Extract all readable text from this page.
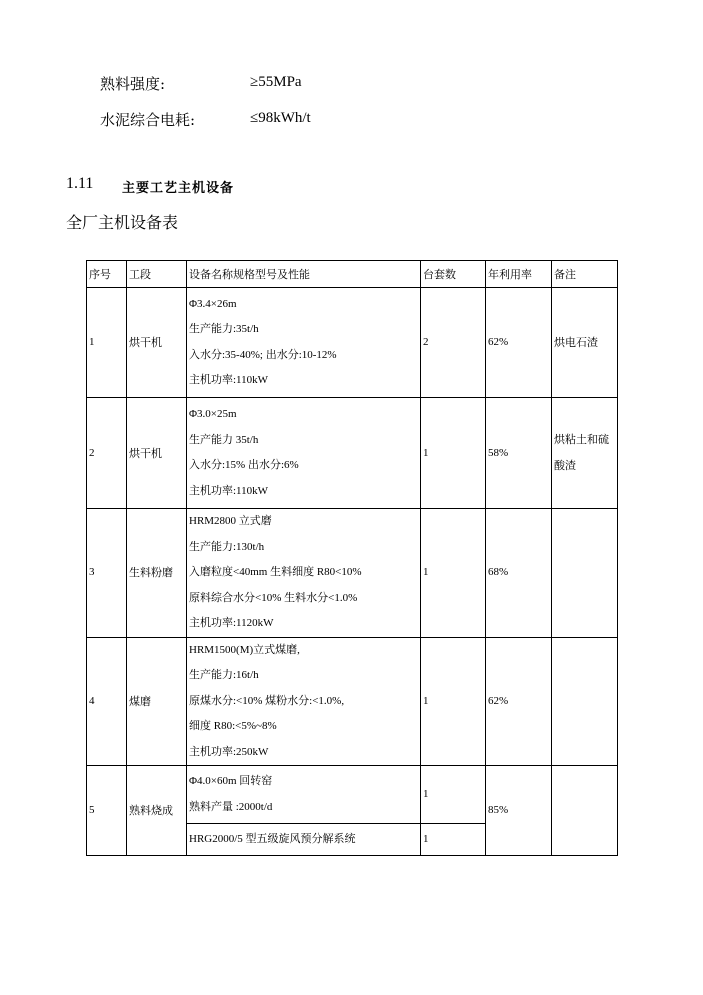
熟料强度:	≥55MPa
水泥综合电耗:	≤98kWh/t
1.11 主要工艺主机设备
全厂主机设备表
序号	工段	设备名称规格型号及性能	台套数	年利用率	备注
1	烘干机	Φ3.4×26m
生产能力:35t/h
入水分:35-40%; 出水分:10-12%
主机功率:110kW	2	62%	烘电石渣
2	烘干机	Φ3.0×25m
生产能力 35t/h
入水分:15% 出水分:6%
主机功率:110kW	1	58%	烘粘土和硫酸渣
3	生料粉磨	HRM2800 立式磨
生产能力:130t/h
入磨粒度<40mm 生料细度 R80<10%
原料综合水分<10% 生料水分<1.0%
主机功率:1120kW	1	68%	
4	煤磨	HRM1500(M)立式煤磨,
生产能力:16t/h
原煤水分:<10% 煤粉水分:<1.0%,
细度 R80:<5%~8%
主机功率:250kW	1	62%	
5	熟料烧成	Φ4.0×60m 回转窑
熟料产量 :2000t/d	1	85%	

		HRG2000/5 型五级旋风预分解系统	1		
